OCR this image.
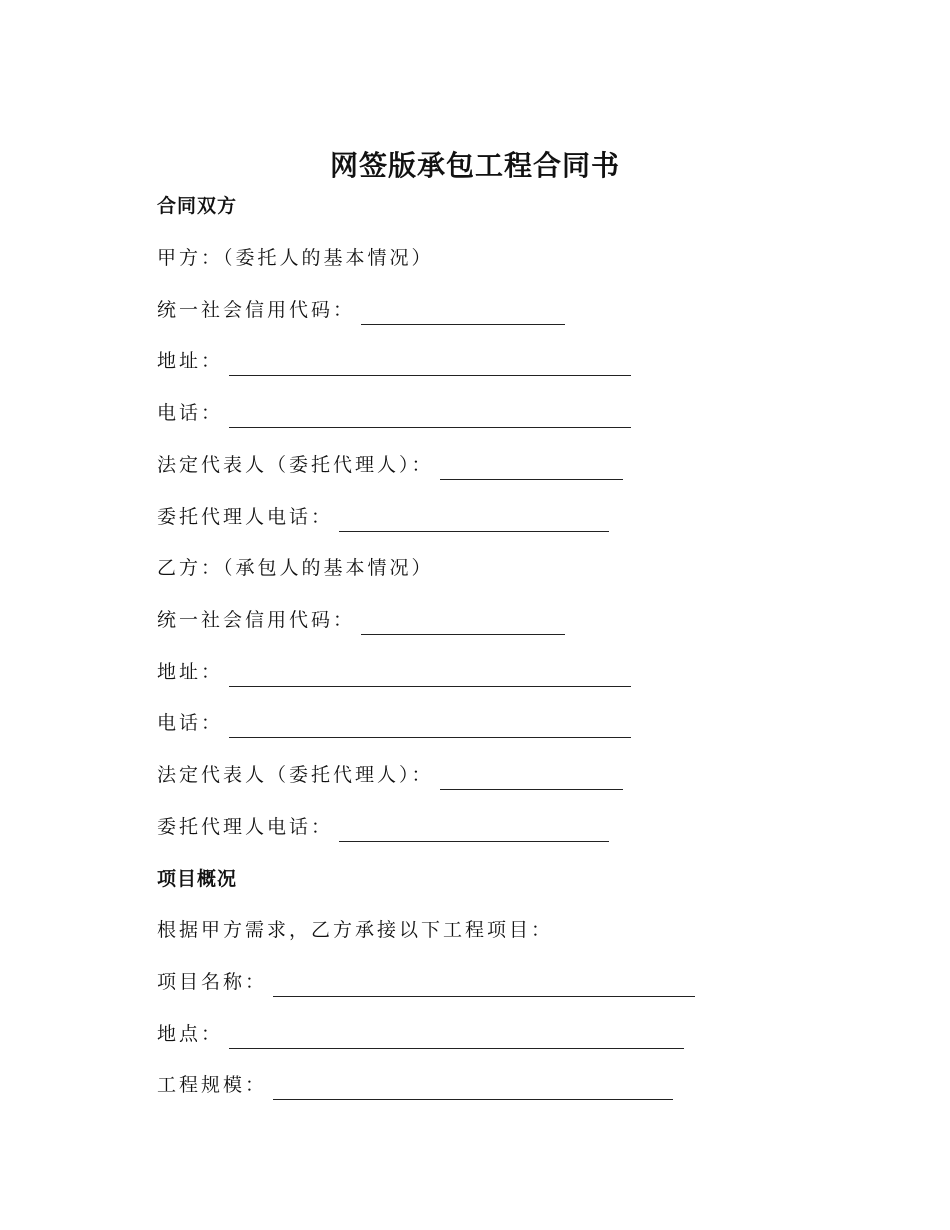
网签版承包工程合同书
合同双方
甲方：（委托人的基本情况）
统一社会信用代码：
地址：
电话：
法定代表人（委托代理人）：
委托代理人电话：
乙方：（承包人的基本情况）
统一社会信用代码：
地址：
电话：
法定代表人（委托代理人）：
委托代理人电话：
项目概况
根据甲方需求，乙方承接以下工程项目：
项目名称：
地点：
工程规模：
